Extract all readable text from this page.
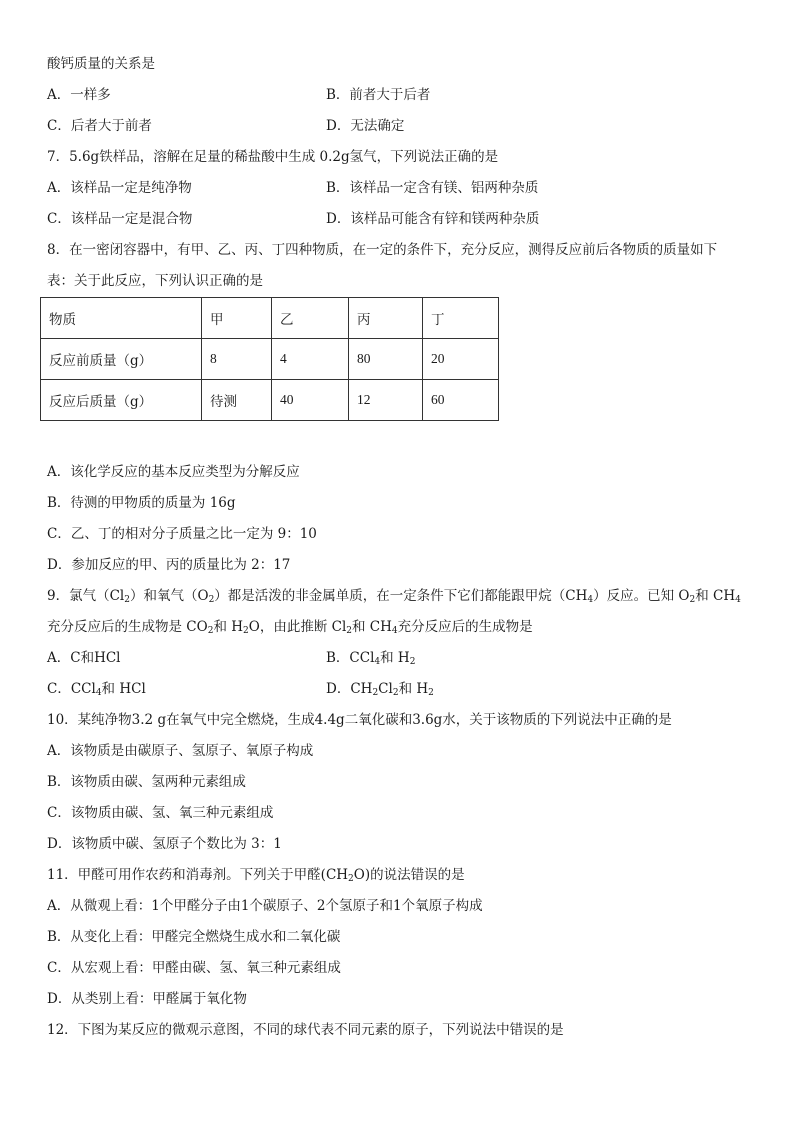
酸钙质量的关系是
A．一样多	B．前者大于后者
C．后者大于前者	D．无法确定
7．5.6g铁样品，溶解在足量的稀盐酸中生成 0.2g氢气，下列说法正确的是
A．该样品一定是纯净物	B．该样品一定含有镁、铝两种杂质
C．该样品一定是混合物	D．该样品可能含有锌和镁两种杂质
8．在一密闭容器中，有甲、乙、丙、丁四种物质，在一定的条件下，充分反应，测得反应前后各物质的质量如下
表：关于此反应，下列认识正确的是
物质	甲	乙	丙	丁
反应前质量（g）	8	4	80	20
反应后质量（g）	待测	40	12	60
A．该化学反应的基本反应类型为分解反应
B．待测的甲物质的质量为 16g
C．乙、丁的相对分子质量之比一定为 9：10
D．参加反应的甲、丙的质量比为 2：17
9．氯气$(Cl_2)$和氧气$(O_2)$都是活泼的非金属单质，在一定条件下它们都能跟甲烷$(CH_4)$反应。已知 $O_2$和 $CH_4$
充分反应后的生成物是 $CO_2$和 $H_2O$，由此推断 $Cl_2$和 $CH_4$充分反应后的生成物是
A．C和HCl	B．CCl$_4$和 $H_2$
C．CCl$_4$和 HCl	D．$CH_2Cl_2$和 $H_2$
10．某纯净物3.2 g在氧气中完全燃烧，生成4.4g二氧化碳和3.6g水，关于该物质的下列说法中正确的是
A．该物质是由碳原子、氢原子、氧原子构成
B．该物质由碳、氢两种元素组成
C．该物质由碳、氢、氧三种元素组成
D．该物质中碳、氢原子个数比为 3：1
11．甲醛可用作农药和消毒剂。下列关于甲醛$(CH_2O)$的说法错误的是
A．从微观上看：1个甲醛分子由1个碳原子、2个氢原子和1个氧原子构成
B．从变化上看：甲醛完全燃烧生成水和二氧化碳
C．从宏观上看：甲醛由碳、氢、氧三种元素组成
D．从类别上看：甲醛属于氧化物
12．下图为某反应的微观示意图，不同的球代表不同元素的原子，下列说法中错误的是
